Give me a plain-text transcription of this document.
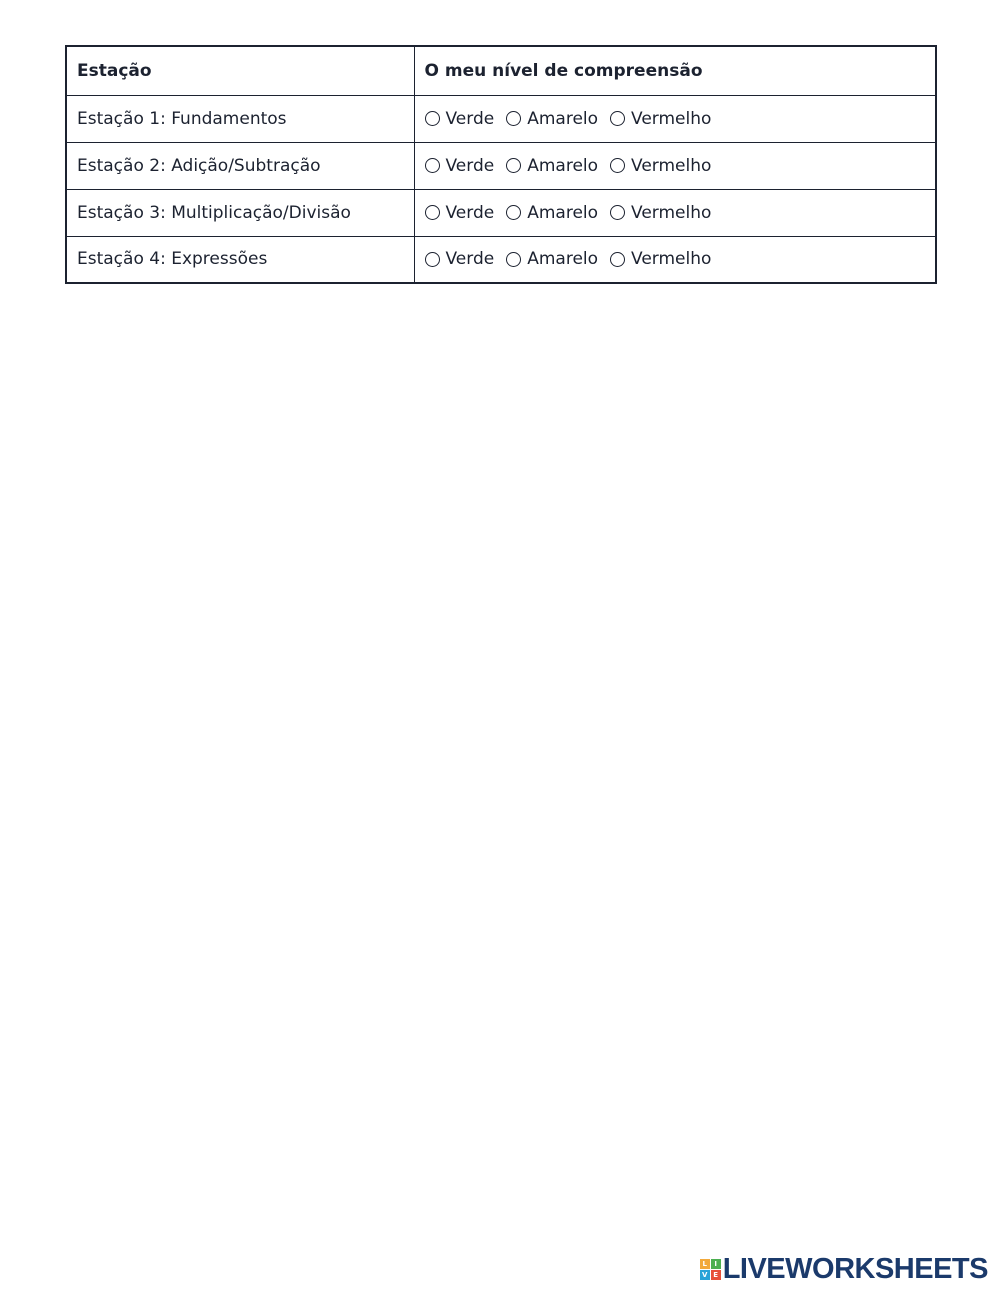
Estação	O meu nível de compreensão
Estação 1: Fundamentos	Verde Amarelo Vermelho

Estação 2: Adição/Subtração	Verde Amarelo Vermelho

Estação 3: Multiplicação/Divisão	Verde Amarelo Vermelho

Estação 4: Expressões	Verde Amarelo Vermelho
L	I
V E LIVEWORKSHEETS
